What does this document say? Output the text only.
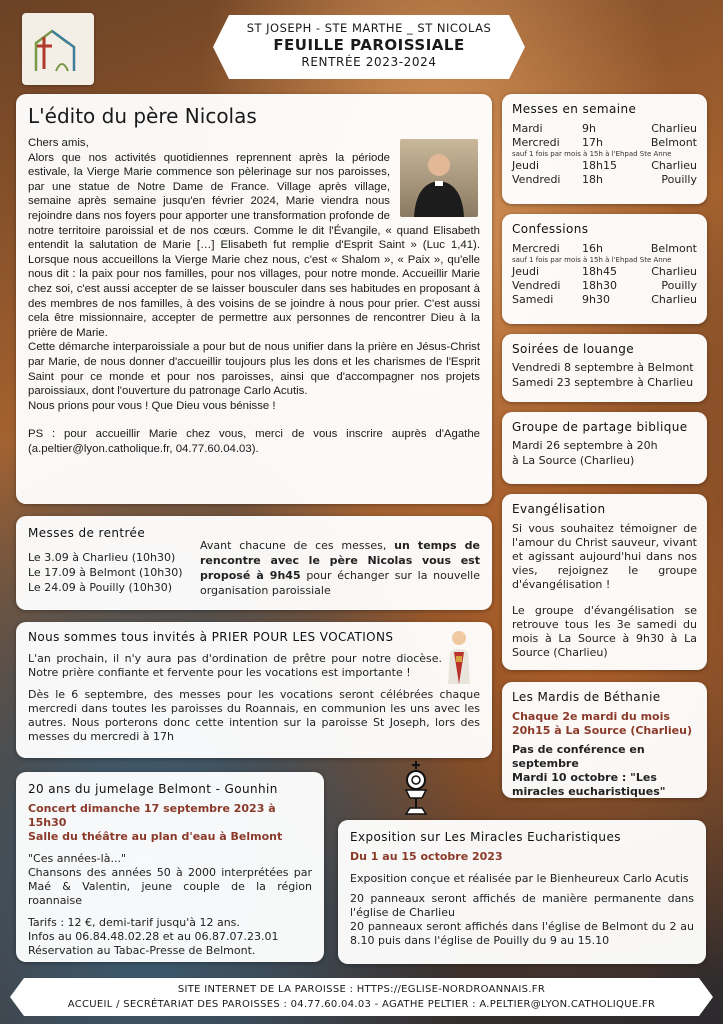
ST JOSEPH - STE MARTHE _ ST NICOLAS
FEUILLE PAROISSIALE
RENTRÉE 2023-2024
L'édito du père Nicolas

Chers amis,

Alors que nos activités quotidiennes reprennent après la période estivale, la Vierge Marie commence son pèlerinage sur nos paroisses, par une statue de Notre Dame de France. Village après village, semaine après semaine jusqu'en février 2024, Marie viendra nous rejoindre dans nos foyers pour apporter une transformation profonde de notre territoire paroissial et de nos cœurs. Comme le dit l'Évangile, « quand Elisabeth entendit la salutation de Marie […] Elisabeth fut remplie d'Esprit Saint » (Luc 1,41). Lorsque nous accueillons la Vierge Marie chez nous, c'est « Shalom », « Paix », qu'elle nous dit : la paix pour nos familles, pour nos villages, pour notre monde. Accueillir Marie chez soi, c'est aussi accepter de se laisser bousculer dans ses habitudes en proposant à des membres de nos familles, à des voisins de se joindre à nous pour prier. C'est aussi cela être missionnaire, accepter de permettre aux personnes de rencontrer Dieu à la prière de Marie.

Cette démarche interparoissiale a pour but de nous unifier dans la prière en Jésus-Christ par Marie, de nous donner d'accueillir toujours plus les dons et les charismes de l'Esprit Saint pour ce monde et pour nos paroisses, ainsi que d'accompagner nos projets paroissiaux, dont l'ouverture du patronage Carlo Acutis.

Nous prions pour vous ! Que Dieu vous bénisse !

PS : pour accueillir Marie chez vous, merci de vous inscrire auprès d'Agathe (a.peltier@lyon.catholique.fr, 04.77.60.04.03).

Messes en semaine
Mardi	9h	Charlieu
Mercredi	17h	Belmont
sauf 1 fois par mois à 15h à l'Ehpad Ste Anne
Jeudi	18h15	Charlieu
Vendredi	18h	Pouilly
Confessions
Mercredi	16h	Belmont
sauf 1 fois par mois à 15h à l'Ehpad Ste Anne
Jeudi	18h45	Charlieu
Vendredi	18h30	Pouilly
Samedi	9h30	Charlieu
Soirées de louange
Vendredi 8 septembre à Belmont
Samedi 23 septembre à Charlieu
Groupe de partage biblique
Mardi 26 septembre à 20h
à La Source (Charlieu)
Evangélisation

Si vous souhaitez témoigner de l'amour du Christ sauveur, vivant et agissant aujourd'hui dans nos vies, rejoignez le groupe d'évangélisation !

Le groupe d'évangélisation se retrouve tous les 3e samedi du mois à La Source à 9h30 à La Source (Charlieu)

Les Mardis de Béthanie
Chaque 2e mardi du mois
20h15 à La Source (Charlieu)
Pas de conférence en septembre
Mardi 10 octobre : "Les miracles eucharistiques"
Messes de rentrée
Le 3.09 à Charlieu (10h30)
Le 17.09 à Belmont (10h30)
Le 24.09 à Pouilly (10h30)

Avant chacune de ces messes, un temps de rencontre avec le père Nicolas vous est proposé à 9h45 pour échanger sur la nouvelle organisation paroissiale

Nous sommes tous invités à PRIER POUR LES VOCATIONS

L'an prochain, il n'y aura pas d'ordination de prêtre pour notre diocèse. Notre prière confiante et fervente pour les vocations est importante !

Dès le 6 septembre, des messes pour les vocations seront célébrées chaque mercredi dans toutes les paroisses du Roannais, en communion les uns avec les autres. Nous porterons donc cette intention sur la paroisse St Joseph, lors des messes du mercredi à 17h

20 ans du jumelage Belmont - Gounhin
Concert dimanche 17 septembre 2023 à 15h30
Salle du théâtre au plan d'eau à Belmont

"Ces années-là..."

Chansons des années 50 à 2000 interprétées par Maé & Valentin, jeune couple de la région roannaise

Tarifs : 12 €, demi-tarif jusqu'à 12 ans.

Infos au 06.84.48.02.28 et au 06.87.07.23.01

Réservation au Tabac-Presse de Belmont.

Exposition sur Les Miracles Eucharistiques
Du 1 au 15 octobre 2023

Exposition conçue et réalisée par le Bienheureux Carlo Acutis

20 panneaux seront affichés de manière permanente dans l'église de Charlieu

20 panneaux seront affichés dans l'église de Belmont du 2 au 8.10 puis dans l'église de Pouilly du 9 au 15.10

SITE INTERNET DE LA PAROISSE : HTTPS://EGLISE-NORDROANNAIS.FR
ACCUEIL / SECRÉTARIAT DES PAROISSES : 04.77.60.04.03 - AGATHE PELTIER : A.PELTIER@LYON.CATHOLIQUE.FR
